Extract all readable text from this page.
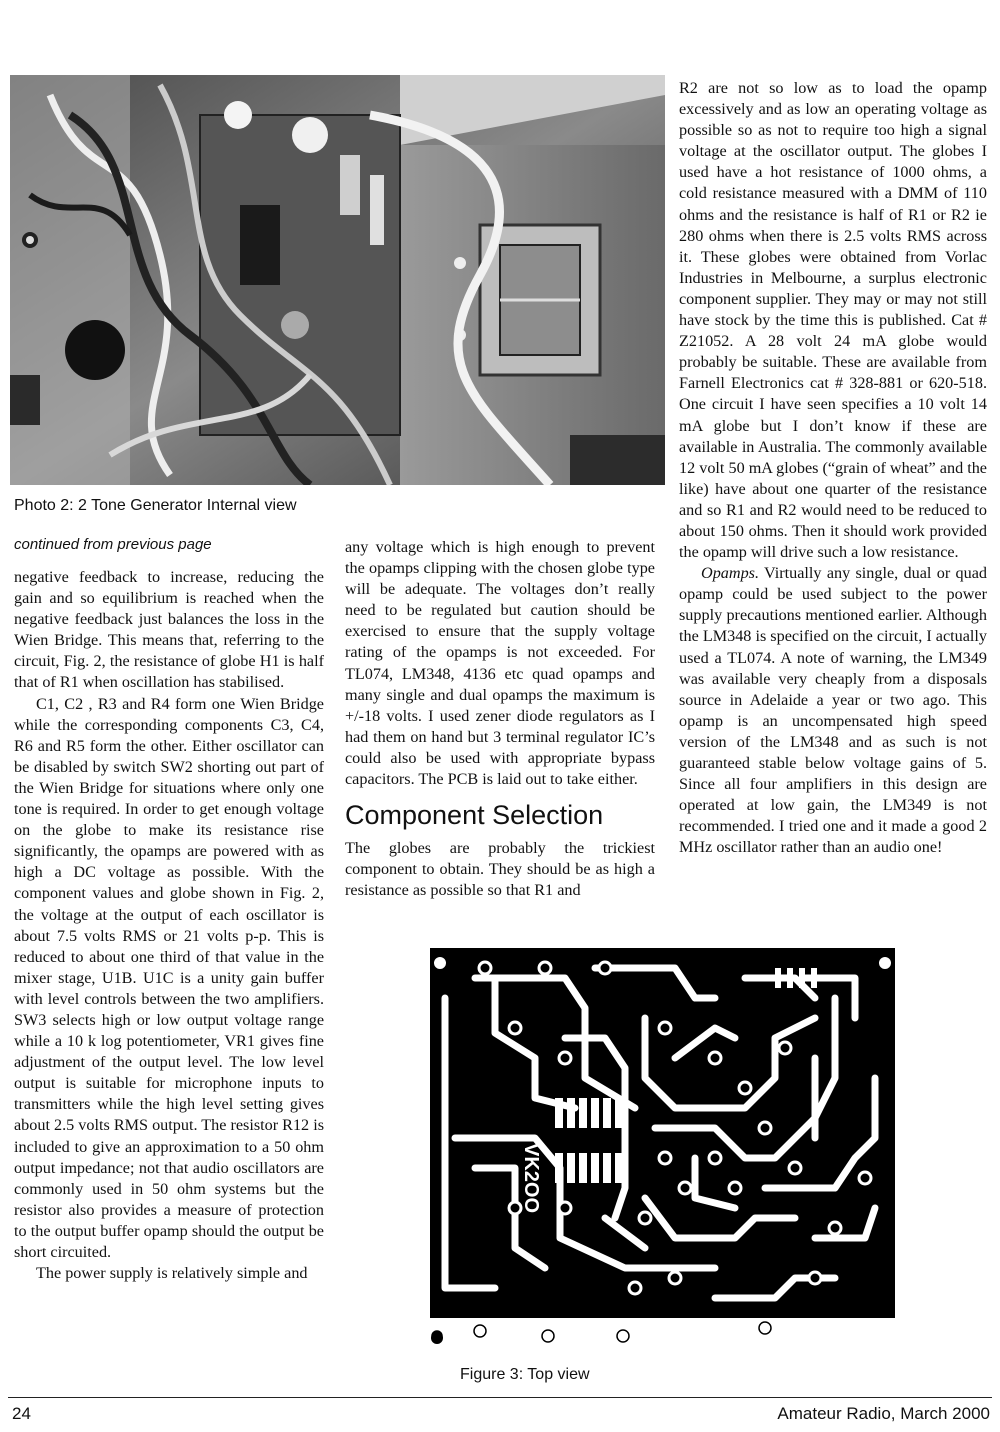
Photo 2: 2 Tone Generator Internal view
continued from previous page

negative feedback to increase, reducing the gain and so equilibrium is reached when the negative feedback just balances the loss in the Wien Bridge. This means that, referring to the circuit, Fig. 2, the resistance of globe H1 is half that of R1 when oscillation has stabilised.

C1, C2 , R3 and R4 form one Wien Bridge while the corresponding components C3, C4, R6 and R5 form the other. Either oscillator can be disabled by switch SW2 shorting out part of the Wien Bridge for situations where only one tone is required. In order to get enough voltage on the globe to make its resistance rise significantly, the opamps are powered with as high a DC voltage as possible. With the component values and globe shown in Fig. 2, the voltage at the output of each oscillator is about 7.5 volts RMS or 21 volts p-p. This is reduced to about one third of that value in the mixer stage, U1B. U1C is a unity gain buffer with level controls between the two amplifiers. SW3 selects high or low output voltage range while a 10 k log potentiometer, VR1 gives fine adjustment of the output level. The low level output is suitable for microphone inputs to transmitters while the high level setting gives about 2.5 volts RMS output. The resistor R12 is included to give an approximation to a 50 ohm output impedance; not that audio oscillators are commonly used in 50 ohm systems but the resistor also provides a measure of protection to the output buffer opamp should the output be short circuited.

The power supply is relatively simple and

any voltage which is high enough to prevent the opamps clipping with the chosen globe type will be adequate. The voltages don’t really need to be regulated but caution should be exercised to ensure that the supply voltage rating of the opamps is not exceeded. For TL074, LM348, 4136 etc quad opamps and many single and dual opamps the maximum is +/-18 volts. I used zener diode regulators as I had them on hand but 3 terminal regulator IC’s could also be used with appropriate bypass capacitors. The PCB is laid out to take either.

Component Selection

The globes are probably the trickiest component to obtain. They should be as high a resistance as possible so that R1 and

R2 are not so low as to load the opamp excessively and as low an operating voltage as possible so as not to require too high a signal voltage at the oscillator output. The globes I used have a hot resistance of 1000 ohms, a cold resistance measured with a DMM of 110 ohms and the resistance is half of R1 or R2 ie 280 ohms when there is 2.5 volts RMS across it. These globes were obtained from Vorlac Industries in Melbourne, a surplus electronic component supplier. They may or may not still have stock by the time this is published. Cat # Z21052. A 28 volt 24 mA globe would probably be suitable. These are available from Farnell Electronics cat # 328-881 or 620-518. One circuit I have seen specifies a 10 volt 14 mA globe but I don’t know if these are available in Australia. The commonly available 12 volt 50 mA globes (“grain of wheat” and the like) have about one quarter of the resistance and so R1 and R2 would need to be reduced to about 150 ohms. Then it should work provided the opamp will drive such a low resistance.

Opamps. Virtually any single, dual or quad opamp could be used subject to the power supply precautions mentioned earlier. Although the LM348 is specified on the circuit, I actually used a TL074. A note of warning, the LM349 was available very cheaply from a disposals source in Adelaide a year or two ago. This opamp is an uncompensated high speed version of the LM348 and as such is not guaranteed stable below voltage gains of 5. Since all four amplifiers in this design are operated at low gain, the LM349 is not recommended. I tried one and it made a good 2 MHz oscillator rather than an audio one!

VK2OO
Figure 3: Top view
24	Amateur Radio, March 2000
